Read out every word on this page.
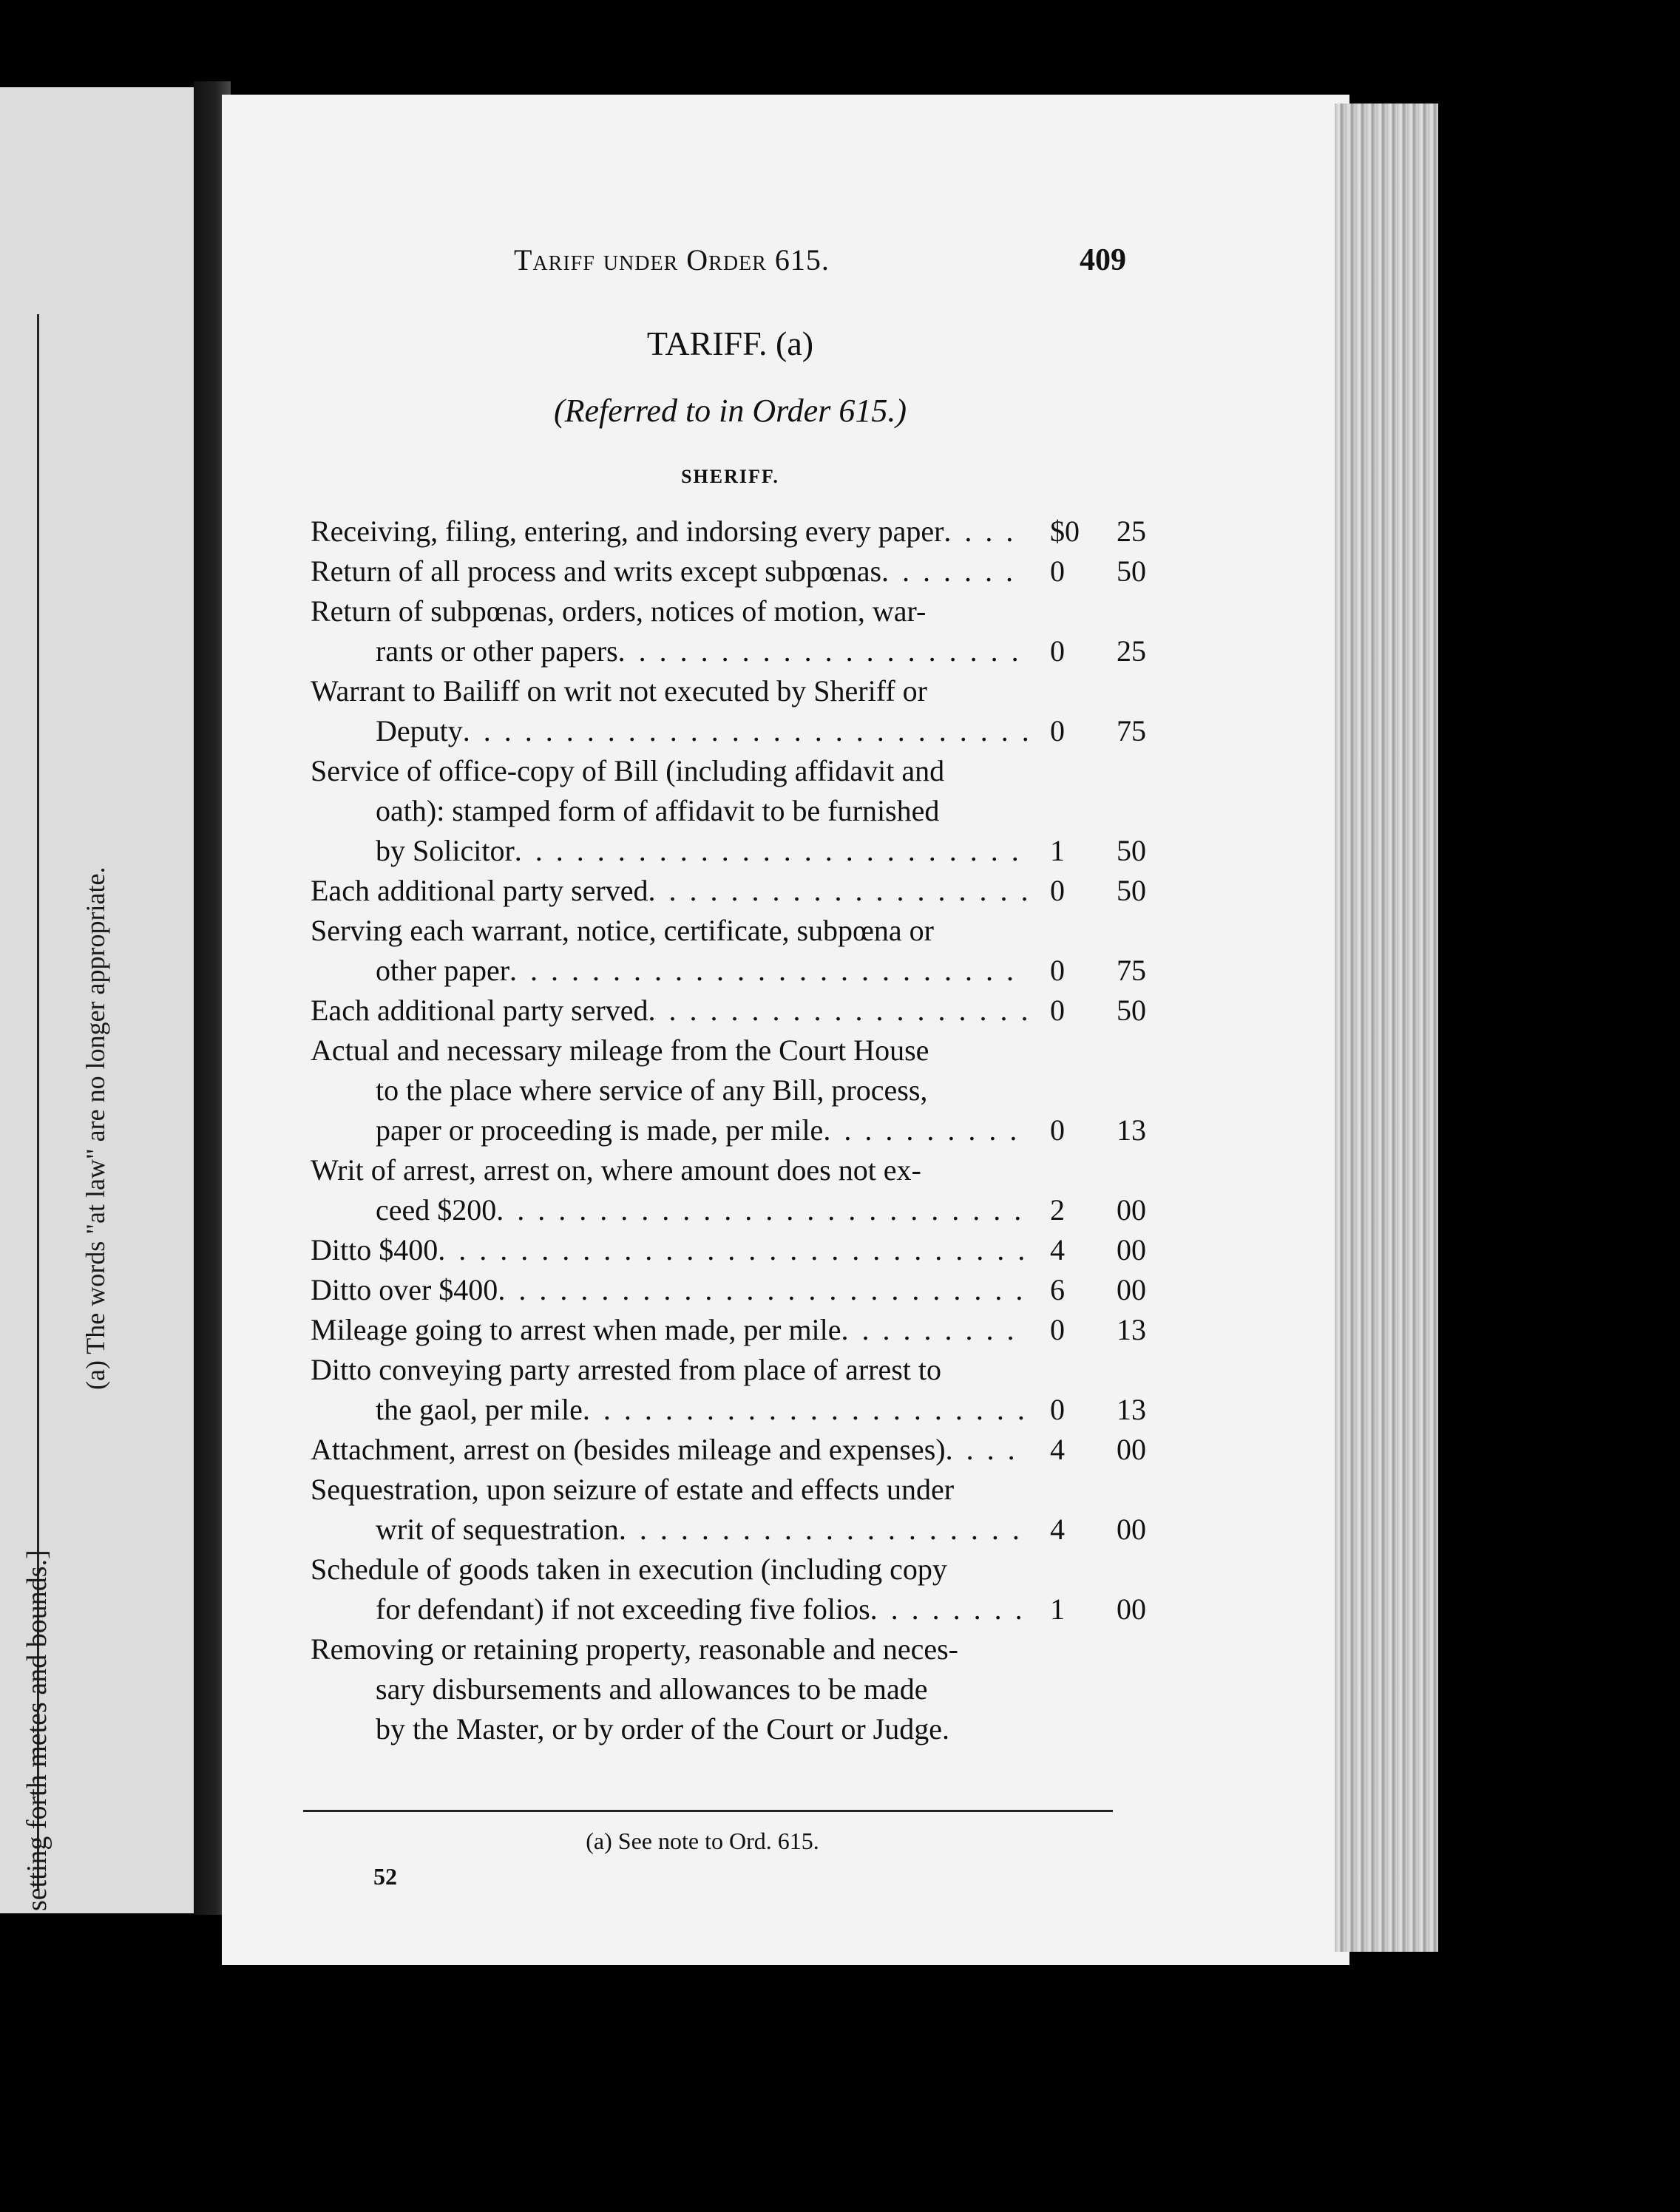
(a) The words "at law" are no longer appropriate.
setting forth metes and bounds.]
Tariff under Order 615.	409
TARIFF. (a)
(Referred to in Order 615.)
SHERIFF.
Receiving, filing, entering, and indorsing every paper . . .	$0 25
Return of all process and writs except subpœnas . . .	0 50
Return of subpœnas, orders, notices of motion, war-
rants or other papers . . .	0 25
Warrant to Bailiff on writ not executed by Sheriff or
Deputy . . .	0 75
Service of office-copy of Bill (including affidavit and
oath): stamped form of affidavit to be furnished
by Solicitor . . .	1 50
Each additional party served . . .	0 50
Serving each warrant, notice, certificate, subpœna or
other paper . . .	0 75
Each additional party served . . .	0 50
Actual and necessary mileage from the Court House
to the place where service of any Bill, process,
paper or proceeding is made, per mile . . .	0 13
Writ of arrest, arrest on, where amount does not ex-
ceed $200 . . .	2 00
Ditto $400 . . .	4 00
Ditto over $400 . . .	6 00
Mileage going to arrest when made, per mile . . .	0 13
Ditto conveying party arrested from place of arrest to
the gaol, per mile . . .	0 13
Attachment, arrest on (besides mileage and expenses) . . .	4 00
Sequestration, upon seizure of estate and effects under
writ of sequestration . . .	4 00
Schedule of goods taken in execution (including copy
for defendant) if not exceeding five folios . . .	1 00
Removing or retaining property, reasonable and neces-
sary disbursements and allowances to be made
by the Master, or by order of the Court or Judge.
(a) See note to Ord. 615.
52
